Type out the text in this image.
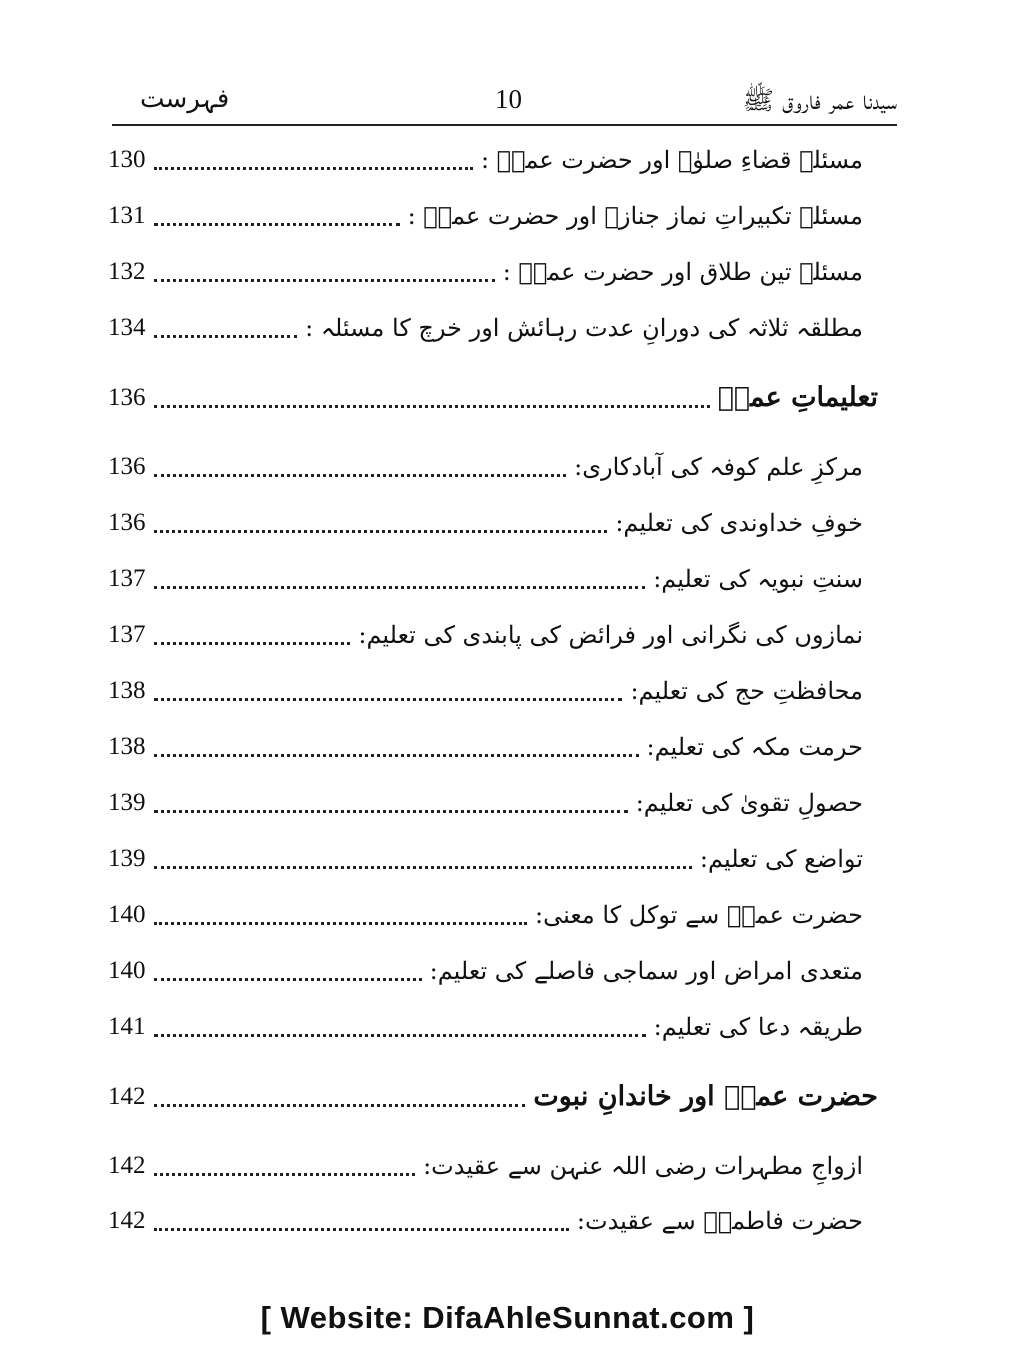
سیدنا عمر فاروق ﷺ
10
فہرست
مسئلہ قضاءِ صلوٰۃ اور حضرت عمرؓ :
130
مسئلہ تکبیراتِ نماز جنازہ اور حضرت عمرؓ :
131
مسئلہ تین طلاق اور حضرت عمرؓ :
132
مطلقہ ثلاثہ کی دورانِ عدت رہائش اور خرچ کا مسئلہ :
134
تعلیماتِ عمرؓ
136
مرکزِ علم کوفہ کی آبادکاری:
136
خوفِ خداوندی کی تعلیم:
136
سنتِ نبویہ کی تعلیم:
137
نمازوں کی نگرانی اور فرائض کی پابندی کی تعلیم:
137
محافظتِ حج کی تعلیم:
138
حرمت مکہ کی تعلیم:
138
حصولِ تقویٰ کی تعلیم:
139
تواضع کی تعلیم:
139
حضرت عمرؓ سے توکل کا معنی:
140
متعدی امراض اور سماجی فاصلے کی تعلیم:
140
طریقہ دعا کی تعلیم:
141
حضرت عمرؓ اور خاندانِ نبوت
142
ازواجِ مطہرات رضی اللہ عنہن سے عقیدت:
142
حضرت فاطمہؓ سے عقیدت:
142
[ Website: DifaAhleSunnat.com ]
